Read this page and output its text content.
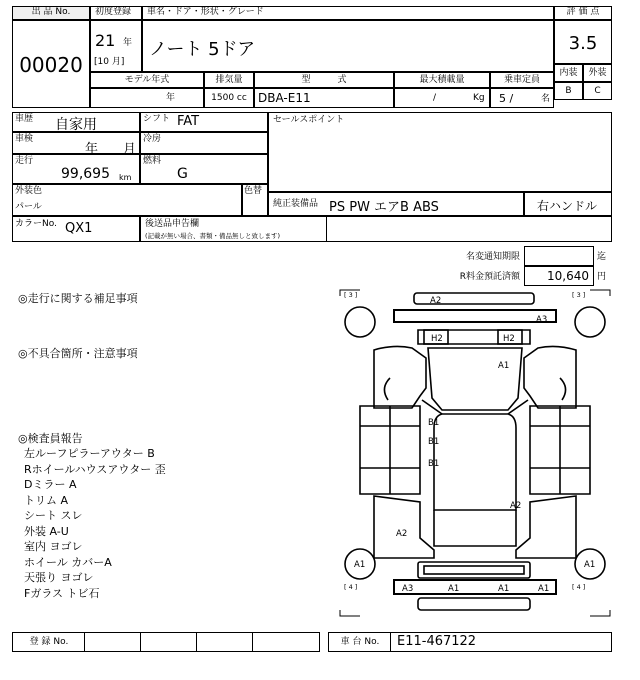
出 品 No.
00020
初度登録
21 年
[10 月]
車名・ドア・形状・グレード
ノート 5ドア
評 価 点
3.5
内装	外装
B	C
モデル年式
年
排気量
1500 cc
型　　　式
DBA-E11
最大積載量
/	Kg
乗車定員
5 /	名
車歴 自家用	シフト FAT	セールスポイント
車検
年 月
冷房
走行
99,695 km
燃料
G
外装色
パール
色替
純正装備品 PS PW エアB ABS	右ハンドル
カラーNo. QX1	後送品申告欄
(記載が無い場合、書類・備品無しと致します)
名変通知期限	迄
R料金預託済額	10,640 円
◎走行に関する補足事項
◎不具合箇所・注意事項
◎検査員報告
左ルーフピラーアウター B
Rホイールハウスアウター 歪
Dミラー A
トリム A
シート スレ
外装 A-U
室内 ヨゴレ
ホイール カバーA
天張り ヨゴレ
Fガラス トビ石
[ 3 ]	[ 3 ]
[ 4 ]	[ 4 ]
A2
A3
H2	H2
A1
B1
B1
B1
A2
A2
A1	A1
A3	A1	A1	A1
登 録 No.	車 台 No.	E11-467122
